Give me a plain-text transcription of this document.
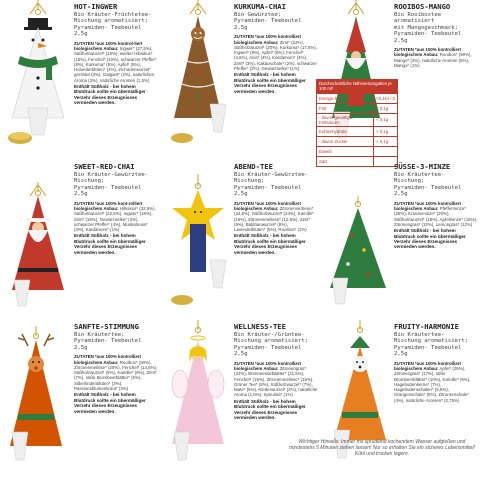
HOT-INGWER
Bio Kräuter-Früchtetee-
Mischung aromatisiert;
Pyramiden- Teebeutel
2,5g
ZUTATEN *aus 100% kontrol-liert biologischem Anbau: Ingwer* (27,5%), Süßholzwurzel* (15%), weißer Hibiskus* (15%), Fenchel* (10%), schwarzer Pfeffer* (8%), Kurkuma* (5%), Apfel* (5%), Holunderblüten* (4%), Zichorienwurzel* geröstet (3%), Galgant* (2%), natürliches Aroma (2%), natürliche Aromen (1,5%)
Enthält Süßholz - bei hohem Blutdruck sollte ein übermäßiger Verzehr dieses Erzeugnisses vermieden werden.
KURKUMA-CHAI
Bio Gewürztee;
Pyramiden- Teebeutel
2,5g
ZUTATEN *aus 100% kontrolliert biologischem Anbau: Zimt* (22%), Süßholzwurzel* (20%), Kurkuma* (17,5%), Ingwer* (8%), Apfel* (6%), Fenchel* (4,5%), Anis* (4%), Kardamom* (4%), Zimt* (3%), Kakaoschale* (2%), schwarzer Pfeffer* (2%), Gewürznelke* (1%)
Enthält Süßholz - bei hohem Blutdruck sollte ein übermäßiger Verzehr dieses Erzeugnisses vermieden werden.
ROOIBOS-MANGO
Bio Rooibostee aromatisiert
mit Mangogeschmack;
Pyramiden- Teebeutel
2,5g
ZUTATEN *aus 100% kontrolliert biologischem Anbau: Rooibos* (90%), Mango* (4%), natürliche Aromen (5%), Mango* (1%)
Durchschnittliche Nährwertangaben je 100 ml*	
Energie kcal	<0,1kJ / 2
Fett	< 0,1g
- davon gesättigte Fettsäuren	< 0,1g
Kohlenhydrate	< 0,1g
- davon Zucker	< 0,1g
Eiweiß	
Salz	
SWEET-RED-CHAI
Bio Kräuter-Gewürztee-
Mischung;
Pyramiden- Teebeutel
2,5g
ZUTATEN *aus 100% kont-rolliert biologischem Anbau: Hibiskus* (32,5%), Süßholzwurzel* (22,5%), Ingwer* (18%), Zimt* (15%), Gewürznelke* (3%), schwarzer Pfeffer* (4%), Muskatnuss* (3%), Kardamom* (1%)
Enthält Süßholz - bei hohem Blutdruck sollte ein übermäßiger Verzehr dieses Erzeugnisses vermieden werden.
ABEND-TEE
Bio Kräuter-Gewürztee-
Mischung;
Pyramiden- Teebeutel
2,5g
ZUTATEN *aus 100% kontrolliert biologischem Anbau: Zitronenverbene* (24,5%), Süßholzwurzel* (24%), Kamille* (16%), Zitronenmelisse* (12,5%), Zimt* (9%), Baldrianwurzel* (8%), Lavendelblüten* (5%), Rooibos* (1%)
Enthält Süßholz - bei hohem Blutdruck sollte ein übermäßiger Verzehr dieses Erzeugnisses vermieden werden.
SÜSSE-3-MINZE
Bio Kräutertee-
Mischung;
Pyramiden- Teebeutel
2,5g
ZUTATEN *aus 100% kontrolliert biologischem Anbau: Pfefferminze* (25%), Krauseminze* (20%), Süßholzwurzel* (18%), Apfelminze* (15%), Zitronengras* (10%), Lemongras* (12%)
Enthält Süßholz - bei hohem Blutdruck sollte ein übermäßiger Verzehr dieses Erzeugnisses vermieden werden.
SANFTE-STIMMUNG
Bio Kräutertee;
Pyramiden- Teebeutel
2,5g
ZUTATEN *aus 100% kontrolliert biologischem Anbau: Rooibos* (30%), Zitronenmelisse* (20%), Fenchel* (14,5%), Süßholzwurzel* (9%), Kamille* (8%), Zimt* (7%), süße Brombeerblätter* (5%), Silberlindenblüten* (3%), Passionsblumenkraut* (3%)
Enthält Süßholz - bei hohem Blutdruck sollte ein übermäßiger Verzehr dieses Erzeugnisses vermieden werden.
WELLNESS-TEE
Bio Kräuter-/Grüntee-
Mischung aromatisiert;
Pyramiden- Teebeutel
2,5g
ZUTATEN *aus 100% kontrolliert biologischem Anbau: Zitronengras* (22%), Brennnesselblätter* (21,5%), Fenchel* (15%), Zitronenmelisse* (15%), Grüner Tee* (8%), Süßholzwurzel* (7%), Mate* (5%), Kletterwurzel* (2%), natürliche Aroma (1,5%), Spirulina* (1%)
Enthält Süßholz - bei hohem Blutdruck sollte ein übermäßiger Verzehr dieses Erzeugnisses vermieden werden.
FRUITY-HARMONIE
Bio Kräutertee-
Mischung aromatisiert;
Pyramiden- Teebeutel
2,5g
ZUTATEN *aus 100% kontrolliert biologischem Anbau: Apfel* (26%), Zitronengras* (17%), süße Brombeerblätter* (10%), Kamille* (9%), Hagebuttenkerne* (7%), Hagebuttenschalen* (5,5%), Orangenschale* (5%), Zitronenschale* (4%), natürliche Aromen* (2,75%)
Wichtiger Hinweis: Immer mit sprudelnd kochendem Wasser aufgießen und mindestens 5 Minuten ziehen lassen! Nur so erhalten Sie ein sicheres Lebensmittel! Kühl und trocken lagern.
